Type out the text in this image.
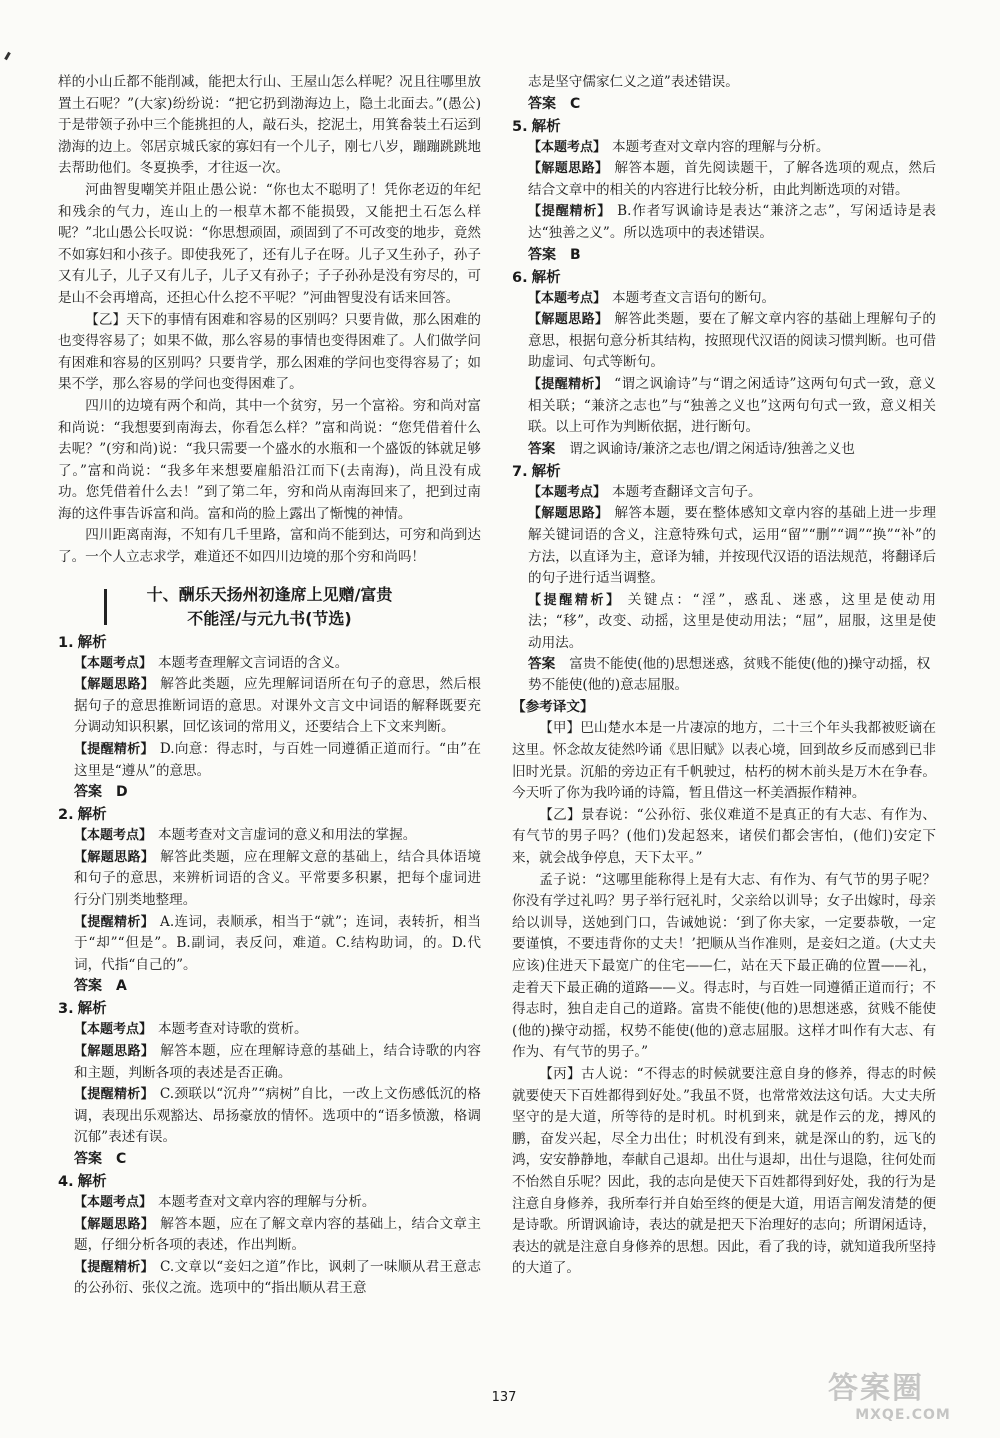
样的小山丘都不能削减，能把太行山、王屋山怎么样呢？况且往哪里放置土石呢？”(大家)纷纷说：“把它扔到渤海边上，隐土北面去。”(愚公)于是带领子孙中三个能挑担的人，敲石头，挖泥土，用箕畚装土石运到渤海的边上。邻居京城氏家的寡妇有一个儿子，刚七八岁，蹦蹦跳跳地去帮助他们。冬夏换季，才往返一次。

河曲智叟嘲笑并阻止愚公说：“你也太不聪明了！凭你老迈的年纪和残余的气力，连山上的一根草木都不能损毁，又能把土石怎么样呢？”北山愚公长叹说：“你思想顽固，顽固到了不可改变的地步，竟然不如寡妇和小孩子。即使我死了，还有儿子在呀。儿子又生孙子，孙子又有儿子，儿子又有儿子，儿子又有孙子；子子孙孙是没有穷尽的，可是山不会再增高，还担心什么挖不平呢？”河曲智叟没有话来回答。

【乙】天下的事情有困难和容易的区别吗？只要肯做，那么困难的也变得容易了；如果不做，那么容易的事情也变得困难了。人们做学问有困难和容易的区别吗？只要肯学，那么困难的学问也变得容易了；如果不学，那么容易的学问也变得困难了。

四川的边境有两个和尚，其中一个贫穷，另一个富裕。穷和尚对富和尚说：“我想要到南海去，你看怎么样？”富和尚说：“您凭借着什么去呢？”(穷和尚)说：“我只需要一个盛水的水瓶和一个盛饭的钵就足够了。”富和尚说：“我多年来想要雇船沿江而下(去南海)，尚且没有成功。您凭借着什么去！”到了第二年，穷和尚从南海回来了，把到过南海的这件事告诉富和尚。富和尚的脸上露出了惭愧的神情。

四川距离南海，不知有几千里路，富和尚不能到达，可穷和尚到达了。一个人立志求学，难道还不如四川边境的那个穷和尚吗！

十、酬乐天扬州初逢席上见赠/富贵
不能淫/与元九书(节选)
1. 解析

【本题考点】 本题考查理解文言词语的含义。

【解题思路】 解答此类题，应先理解词语所在句子的意思，然后根据句子的意思推断词语的意思。对课外文言文中词语的解释既要充分调动知识积累，回忆该词的常用义，还要结合上下文来判断。

【提醒精析】 D.向意：得志时，与百姓一同遵循正道而行。“由”在这里是“遵从”的意思。

答案 D

2. 解析

【本题考点】 本题考查对文言虚词的意义和用法的掌握。

【解题思路】 解答此类题，应在理解文意的基础上，结合具体语境和句子的意思，来辨析词语的含义。平常要多积累，把每个虚词进行分门别类地整理。

【提醒精析】 A.连词，表顺承，相当于“就”；连词，表转折，相当于“却”“但是”。B.副词，表反问，难道。C.结构助词，的。D.代词，代指“自己的”。

答案 A

3. 解析

【本题考点】 本题考查对诗歌的赏析。

【解题思路】 解答本题，应在理解诗意的基础上，结合诗歌的内容和主题，判断各项的表述是否正确。

【提醒精析】 C.颈联以“沉舟”“病树”自比，一改上文伤感低沉的格调，表现出乐观豁达、昂扬豪放的情怀。选项中的“语多愤激，格调沉郁”表述有误。

答案 C

4. 解析

【本题考点】 本题考查对文章内容的理解与分析。

【解题思路】 解答本题，应在了解文章内容的基础上，结合文章主题，仔细分析各项的表述，作出判断。

【提醒精析】 C.文章以“妾妇之道”作比，讽刺了一味顺从君王意志的公孙衍、张仪之流。选项中的“指出顺从君王意

志是坚守儒家仁义之道”表述错误。

答案 C

5. 解析

【本题考点】 本题考查对文章内容的理解与分析。

【解题思路】 解答本题，首先阅读题干，了解各选项的观点，然后结合文章中的相关的内容进行比较分析，由此判断选项的对错。

【提醒精析】 B.作者写讽谕诗是表达“兼济之志”，写闲适诗是表达“独善之义”。所以选项中的表述错误。

答案 B

6. 解析

【本题考点】 本题考查文言语句的断句。

【解题思路】 解答此类题，要在了解文章内容的基础上理解句子的意思，根据句意分析其结构，按照现代汉语的阅读习惯判断。也可借助虚词、句式等断句。

【提醒精析】 “谓之讽谕诗”与“谓之闲适诗”这两句句式一致，意义相关联；“兼济之志也”与“独善之义也”这两句句式一致，意义相关联。以上可作为判断依据，进行断句。

答案 谓之讽谕诗/兼济之志也/谓之闲适诗/独善之义也

7. 解析

【本题考点】 本题考查翻译文言句子。

【解题思路】 解答本题，要在整体感知文章内容的基础上进一步理解关键词语的含义，注意特殊句式，运用“留”“删”“调”“换”“补”的方法，以直译为主，意译为辅，并按现代汉语的语法规范，将翻译后的句子进行适当调整。

【提醒精析】 关键点：“淫”，惑乱、迷惑，这里是使动用法；“移”，改变、动摇，这里是使动用法；“屈”，屈服，这里是使动用法。

答案 富贵不能使(他的)思想迷惑，贫贱不能使(他的)操守动摇，权势不能使(他的)意志屈服。

【参考译文】

【甲】巴山楚水本是一片凄凉的地方，二十三个年头我都被贬谪在这里。怀念故友徒然吟诵《思旧赋》以表心境，回到故乡反而感到已非旧时光景。沉船的旁边正有千帆驶过，枯朽的树木前头是万木在争春。今天听了你为我吟诵的诗篇，暂且借这一杯美酒振作精神。

【乙】景春说：“公孙衍、张仪难道不是真正的有大志、有作为、有气节的男子吗？(他们)发起怒来，诸侯们都会害怕，(他们)安定下来，就会战争停息，天下太平。”

孟子说：“这哪里能称得上是有大志、有作为、有气节的男子呢？你没有学过礼吗？男子举行冠礼时，父亲给以训导；女子出嫁时，母亲给以训导，送她到门口，告诫她说：‘到了你夫家，一定要恭敬，一定要谨慎，不要违背你的丈夫！’把顺从当作准则，是妾妇之道。(大丈夫应该)住进天下最宽广的住宅——仁，站在天下最正确的位置——礼，走着天下最正确的道路——义。得志时，与百姓一同遵循正道而行；不得志时，独自走自己的道路。富贵不能使(他的)思想迷惑，贫贱不能使(他的)操守动摇，权势不能使(他的)意志屈服。这样才叫作有大志、有作为、有气节的男子。”

【丙】古人说：“不得志的时候就要注意自身的修养，得志的时候就要使天下百姓都得到好处。”我虽不贤，也常常效法这句话。大丈夫所坚守的是大道，所等待的是时机。时机到来，就是作云的龙，搏风的鹏，奋发兴起，尽全力出仕；时机没有到来，就是深山的豹，远飞的鸿，安安静静地，奉献自己退却。出仕与退却，出仕与退隐，往何处而不怡然自乐呢？因此，我的志向是使天下百姓都得到好处，我的行为是注意自身修养，我所奉行并自始至终的便是大道，用语言阐发清楚的便是诗歌。所谓讽谕诗，表达的就是把天下治理好的志向；所谓闲适诗，表达的就是注意自身修养的思想。因此，看了我的诗，就知道我所坚持的大道了。

137	答案圈
MXQE.COM
